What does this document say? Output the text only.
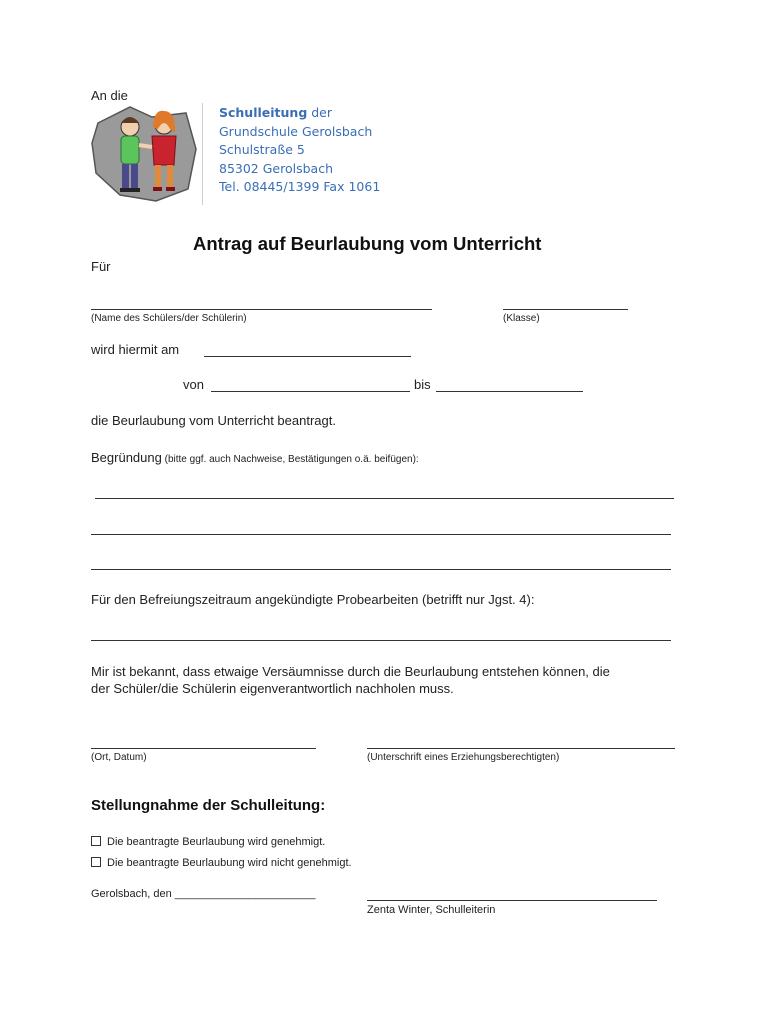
An die
Schulleitung der
Grundschule Gerolsbach
Schulstraße 5
85302 Gerolsbach
Tel. 08445/1399 Fax 1061
Antrag auf Beurlaubung vom Unterricht
Für
(Name des Schülers/der Schülerin)	(Klasse)
wird hiermit am
von	bis
die Beurlaubung vom Unterricht beantragt.
Begründung (bitte ggf. auch Nachweise, Bestätigungen o.ä. beifügen):
Für den Befreiungszeitraum angekündigte Probearbeiten (betrifft nur Jgst. 4):
Mir ist bekannt, dass etwaige Versäumnisse durch die Beurlaubung entstehen können, die
der Schüler/die Schülerin eigenverantwortlich nachholen muss.
(Ort, Datum)	(Unterschrift eines Erziehungsberechtigten)
Stellungnahme der Schulleitung:
Die beantragte Beurlaubung wird genehmigt.
Die beantragte Beurlaubung wird nicht genehmigt.
Gerolsbach, den _______________________
Zenta Winter, Schulleiterin
